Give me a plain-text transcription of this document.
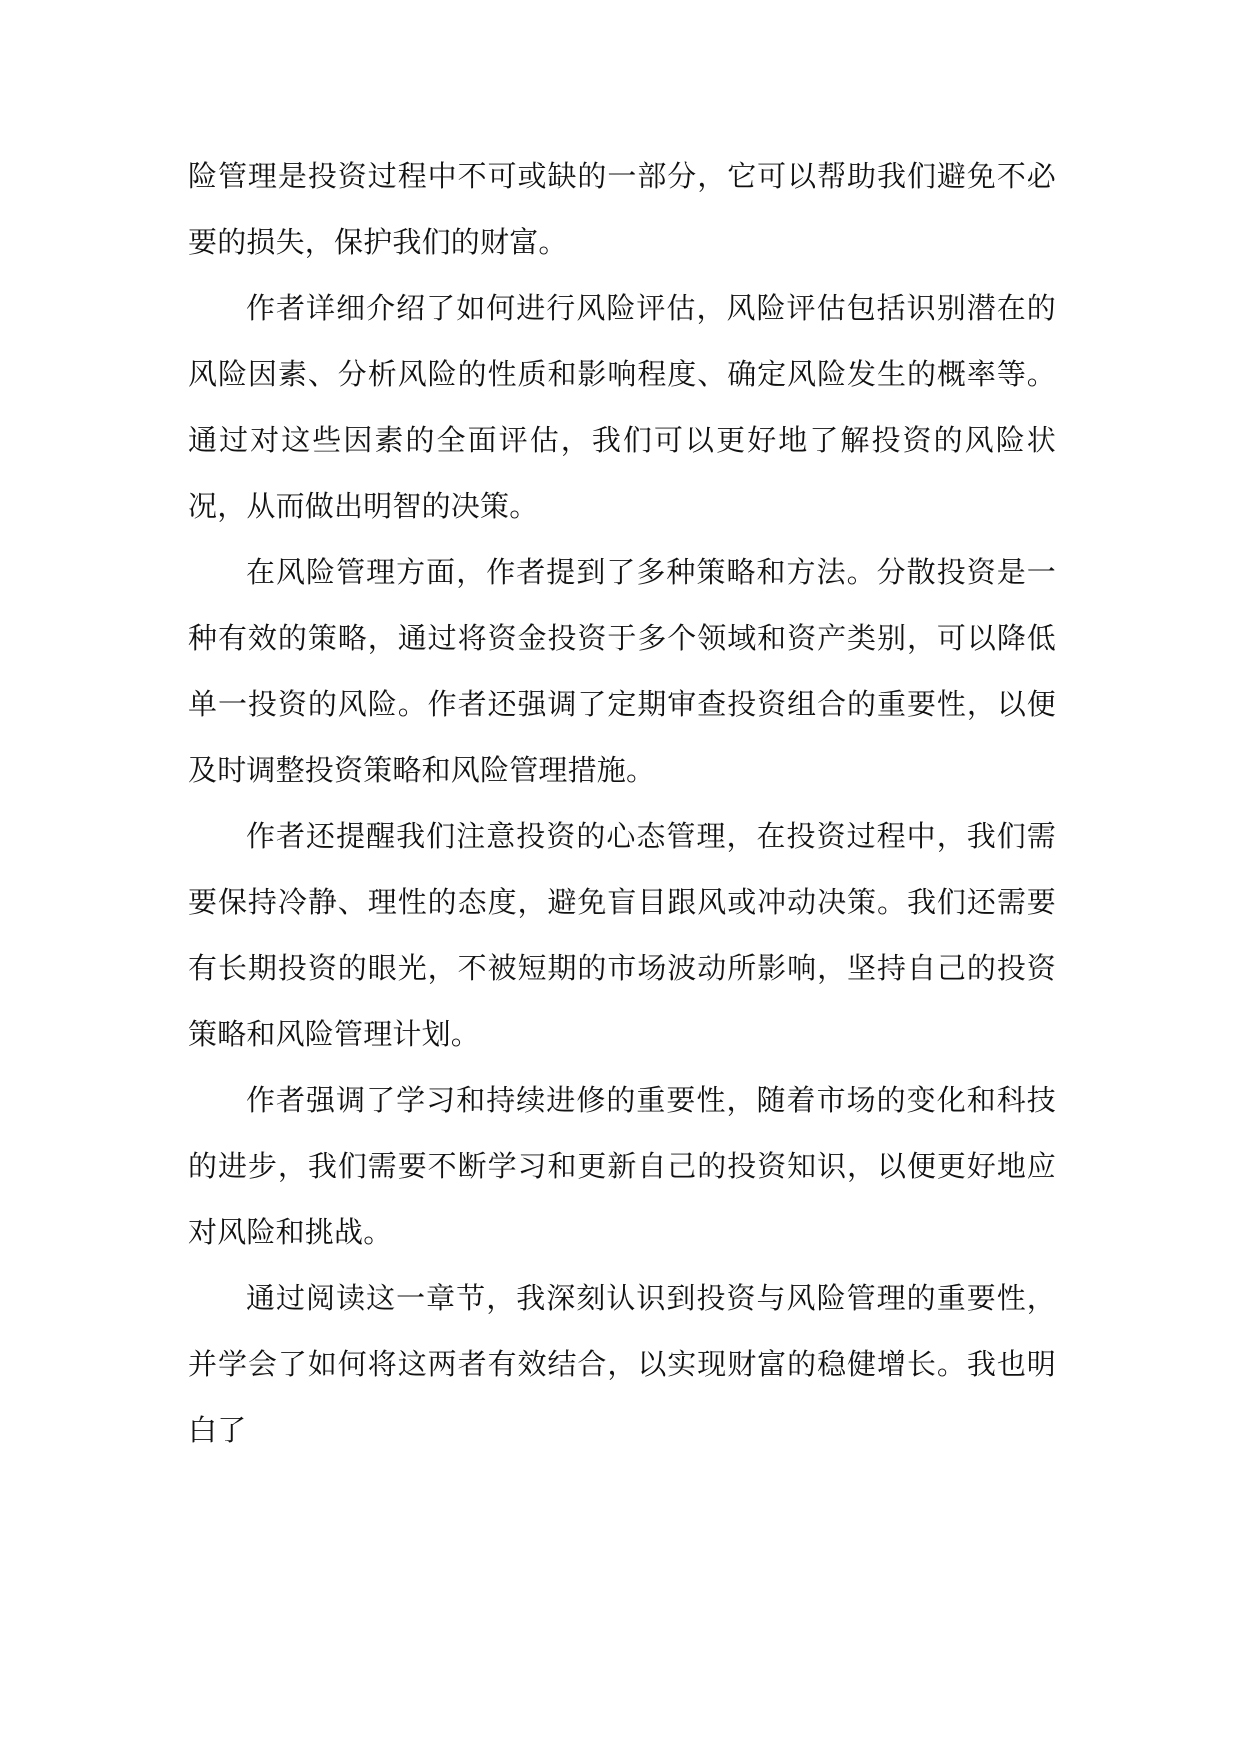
险管理是投资过程中不可或缺的一部分，它可以帮助我们避免不必要的损失，保护我们的财富。

作者详细介绍了如何进行风险评估，风险评估包括识别潜在的风险因素、分析风险的性质和影响程度、确定风险发生的概率等。通过对这些因素的全面评估，我们可以更好地了解投资的风险状况，从而做出明智的决策。

在风险管理方面，作者提到了多种策略和方法。分散投资是一种有效的策略，通过将资金投资于多个领域和资产类别，可以降低单一投资的风险。作者还强调了定期审查投资组合的重要性，以便及时调整投资策略和风险管理措施。

作者还提醒我们注意投资的心态管理，在投资过程中，我们需要保持冷静、理性的态度，避免盲目跟风或冲动决策。我们还需要有长期投资的眼光，不被短期的市场波动所影响，坚持自己的投资策略和风险管理计划。

作者强调了学习和持续进修的重要性，随着市场的变化和科技的进步，我们需要不断学习和更新自己的投资知识，以便更好地应对风险和挑战。

通过阅读这一章节，我深刻认识到投资与风险管理的重要性，并学会了如何将这两者有效结合，以实现财富的稳健增长。我也明白了
